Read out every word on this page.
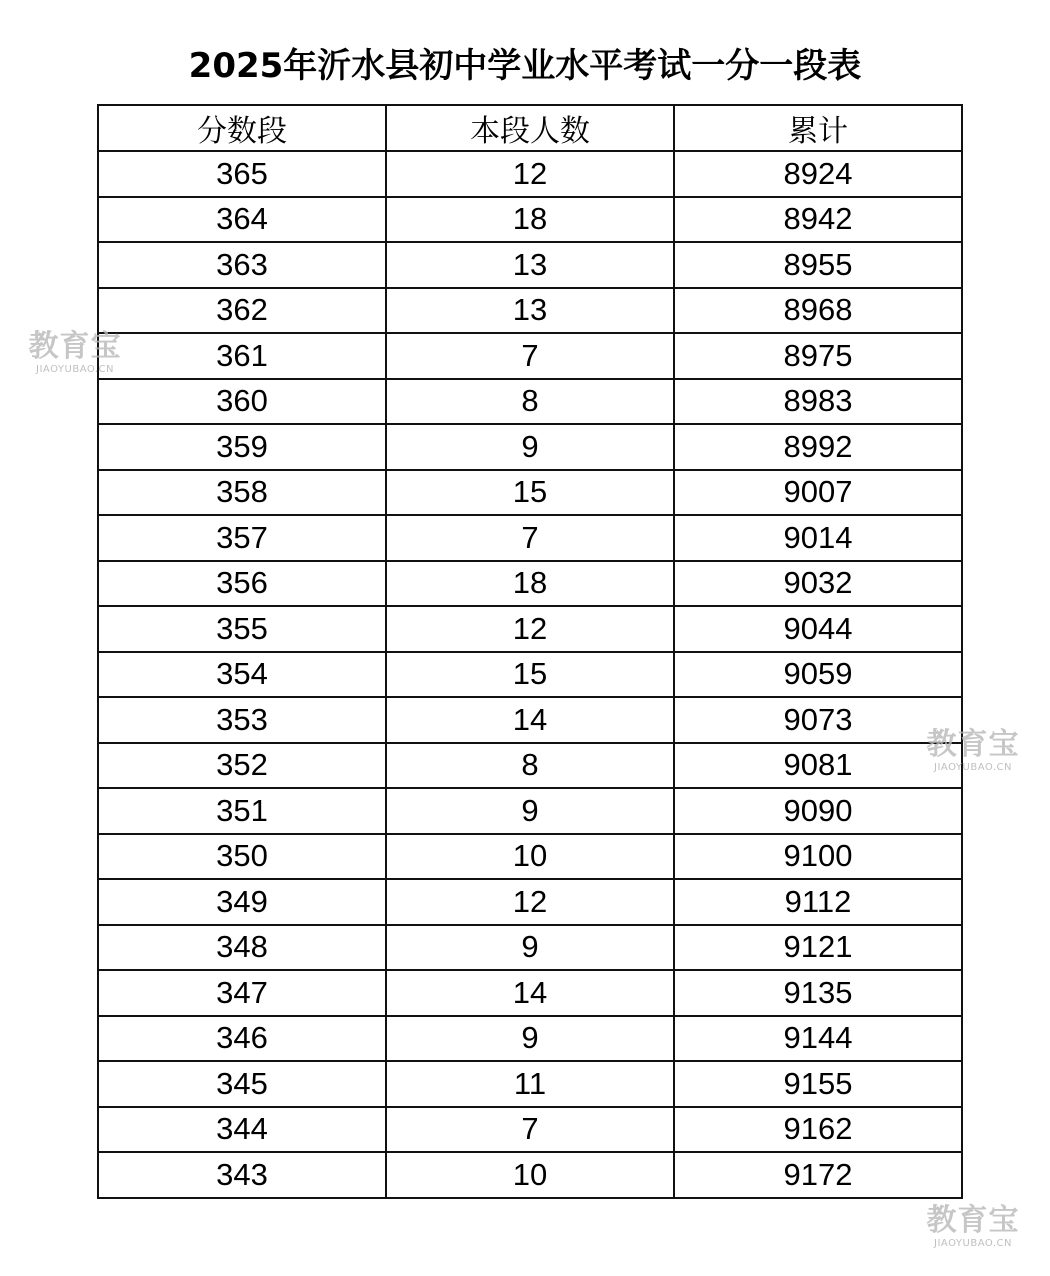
2025年沂水县初中学业水平考试一分一段表
分数段	本段人数	累计
365	12	8924
364	18	8942
363	13	8955
362	13	8968
361	7	8975
360	8	8983
359	9	8992
358	15	9007
357	7	9014
356	18	9032
355	12	9044
354	15	9059
353	14	9073
352	8	9081
351	9	9090
350	10	9100
349	12	9112
348	9	9121
347	14	9135
346	9	9144
345	11	9155
344	7	9162
343	10	9172
教育宝
JIAOYUBAO.CN
教育宝
JIAOYUBAO.CN
教育宝
JIAOYUBAO.CN
